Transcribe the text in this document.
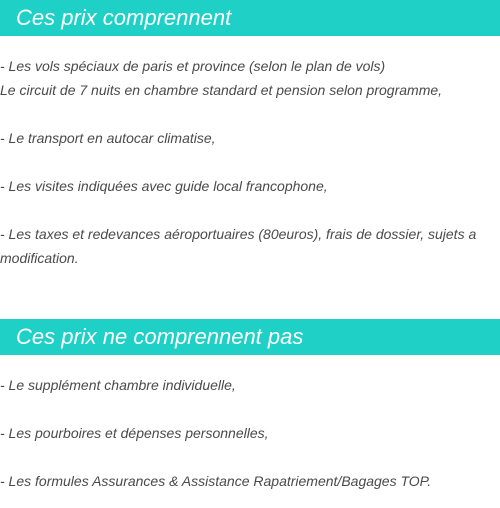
Ces prix comprennent

- Les vols spéciaux de paris et province (selon le plan de vols)
Le circuit de 7 nuits en chambre standard et pension selon programme,

- Le transport en autocar climatise,

- Les visites indiquées avec guide local francophone,

- Les taxes et redevances aéroportuaires (80euros), frais de dossier, sujets a modification.

Ces prix ne comprennent pas

- Le supplément chambre individuelle,

- Les pourboires et dépenses personnelles,

- Les formules Assurances & Assistance Rapatriement/Bagages TOP.
